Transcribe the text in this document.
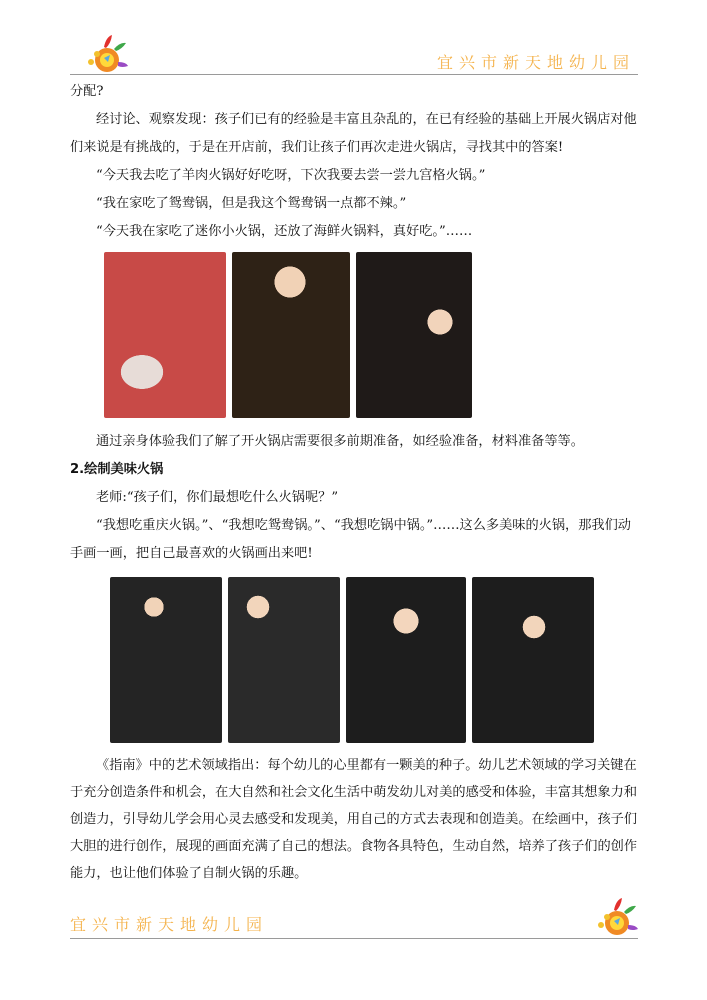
宜兴市新天地幼儿园

分配?

经讨论、观察发现：孩子们已有的经验是丰富且杂乱的，在已有经验的基础上开展火锅店对他们来说是有挑战的，于是在开店前，我们让孩子们再次走进火锅店，寻找其中的答案!

“今天我去吃了羊肉火锅好好吃呀，下次我要去尝一尝九宫格火锅。”

“我在家吃了鸳鸯锅，但是我这个鸳鸯锅一点都不辣。”

“今天我在家吃了迷你小火锅，还放了海鲜火锅料，真好吃。”……

通过亲身体验我们了解了开火锅店需要很多前期准备，如经验准备，材料准备等等。

2.绘制美味火锅

老师:“孩子们，你们最想吃什么火锅呢？”

“我想吃重庆火锅。”、“我想吃鸳鸯锅。”、“我想吃锅中锅。”……这么多美味的火锅，那我们动手画一画，把自己最喜欢的火锅画出来吧!

《指南》中的艺术领域指出：每个幼儿的心里都有一颗美的种子。幼儿艺术领域的学习关键在于充分创造条件和机会，在大自然和社会文化生活中萌发幼儿对美的感受和体验，丰富其想象力和创造力，引导幼儿学会用心灵去感受和发现美，用自己的方式去表现和创造美。在绘画中，孩子们大胆的进行创作，展现的画面充满了自己的想法。食物各具特色，生动自然，培养了孩子们的创作能力，也让他们体验了自制火锅的乐趣。

宜兴市新天地幼儿园
